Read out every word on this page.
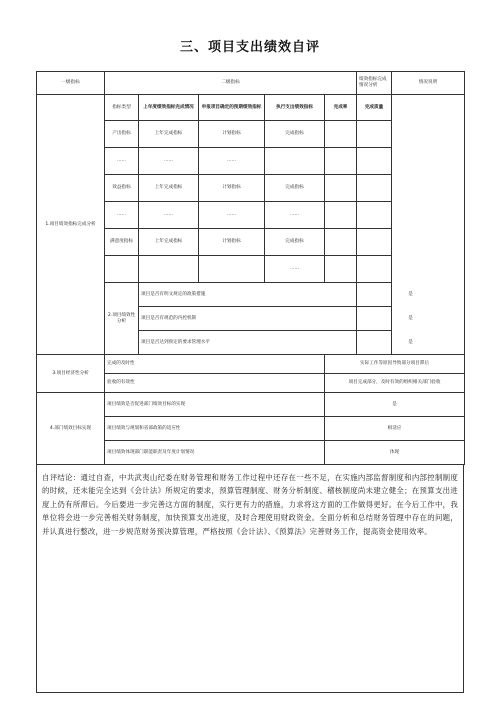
三、项目支出绩效自评
一级指标	二级指标					绩效指标完成情况分析	情况说明
1.项目绩效指标完成分析	指标类型	上年度绩效指标完成情况	申报项目确定的预期绩效指标	执行支出绩效指标	完成率	完成质量	
	产出指标	上年完成指标	计划指标	完成指标			
	……	……	……				
	效益指标	上年完成指标	计划指标	完成指标			
	……	……	……	……			
	满意度指标	上年完成指标	计划指标	完成指标			
				……			
	2.项目绩效性分析	项目是否有明文规定的政策措施				是	
		项目是否有规范的内控机制				是	
		项目是否达到预定的要求管理水平				是	
3.项目经济性分析	完成的及时性				实际工作等原因导致部分项目滞后		
	验收的有效性				项目完成部分，及时有效的组织相关部门验收		
4.部门绩效目标实现	项目绩效是否促进部门绩效目标的实现				是		
	项目绩效与规划和省部政策的适应性				相适应		
	项目绩效体现部门职能职责及年度计划情况				体现		

自评结论：通过自查，中共武夷山纪委在财务管理和财务工作过程中还存在一些不足，在实施内部监督制度和内部控制制度的时候，还未能完全达到《会计法》所规定的要求，预算管理制度、财务分析制度、稽核制度尚未建立健全；在预算支出进度上仍有所滞后。今后要进一步完善这方面的制度，实行更有力的措施，力求将这方面的工作做得更好。在今后工作中，我单位将会进一步完善相关财务制度，加快预算支出进度，及时合理使用财政资金。全面分析和总结财务管理中存在的问题，并认真进行整改，进一步规范财务预决算管理，严格按照《会计法》、《预算法》完善财务工作，提高资金使用效率。
